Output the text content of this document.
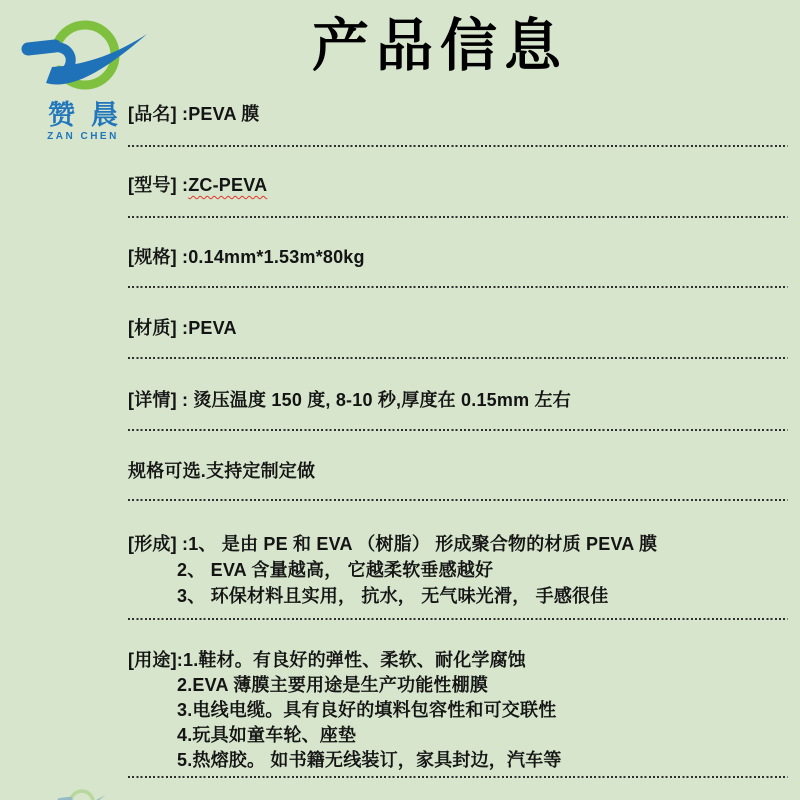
赞晨
ZAN CHEN
产品信息
[品名] :PEVA 膜
[型号] :ZC-PEVA
[规格] :0.14mm*1.53m*80kg
[材质] :PEVA
[详情] : 烫压温度 150 度, 8-10 秒,厚度在 0.15mm 左右
规格可选.支持定制定做
[形成] :1、 是由 PE 和 EVA （树脂） 形成聚合物的材质 PEVA 膜
2、 EVA 含量越高， 它越柔软垂感越好
3、 环保材料且实用， 抗水， 无气味光滑， 手感很佳
[用途]:1.鞋材。有良好的弹性、柔软、耐化学腐蚀
2.EVA 薄膜主要用途是生产功能性棚膜
3.电线电缆。具有良好的填料包容性和可交联性
4.玩具如童车轮、座垫
5.热熔胶。 如书籍无线装订，家具封边，汽车等
